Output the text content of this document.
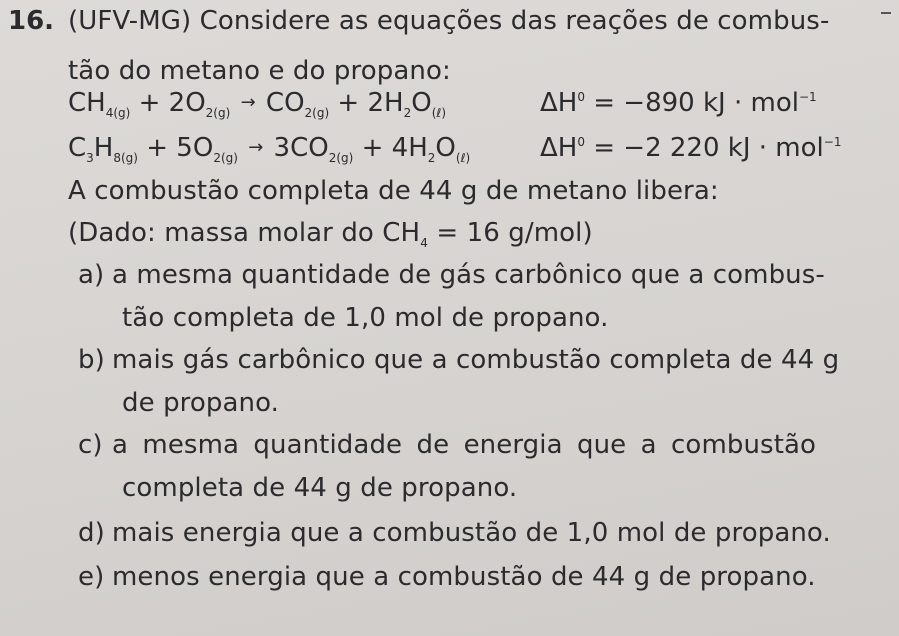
16. (UFV-MG) Considere as equações das reações de combus-
tão do metano e do propano:
$CH_{4(g)} + 2O_{2(g)} \to CO_{2(g)} + 2H_2O_{(\ell)}$	$\Delta H^0 = -890$ kJ · mol$^{-1}$
$C_3H_{8(g)} + 5O_{2(g)} \to 3CO_{2(g)} + 4H_2O_{(\ell)}$	$\Delta H^0 = -2$ 220 kJ · mol$^{-1}$
A combustão completa de 44 g de metano libera:
(Dado: massa molar do $CH_4 = 16$ g/mol)
a) a mesma quantidade de gás carbônico que a combus-
tão completa de 1,0 mol de propano.
b) mais gás carbônico que a combustão completa de 44 g
de propano.
c) a mesma quantidade de energia que a combustão
completa de 44 g de propano.
d) mais energia que a combustão de 1,0 mol de propano.
e) menos energia que a combustão de 44 g de propano.
